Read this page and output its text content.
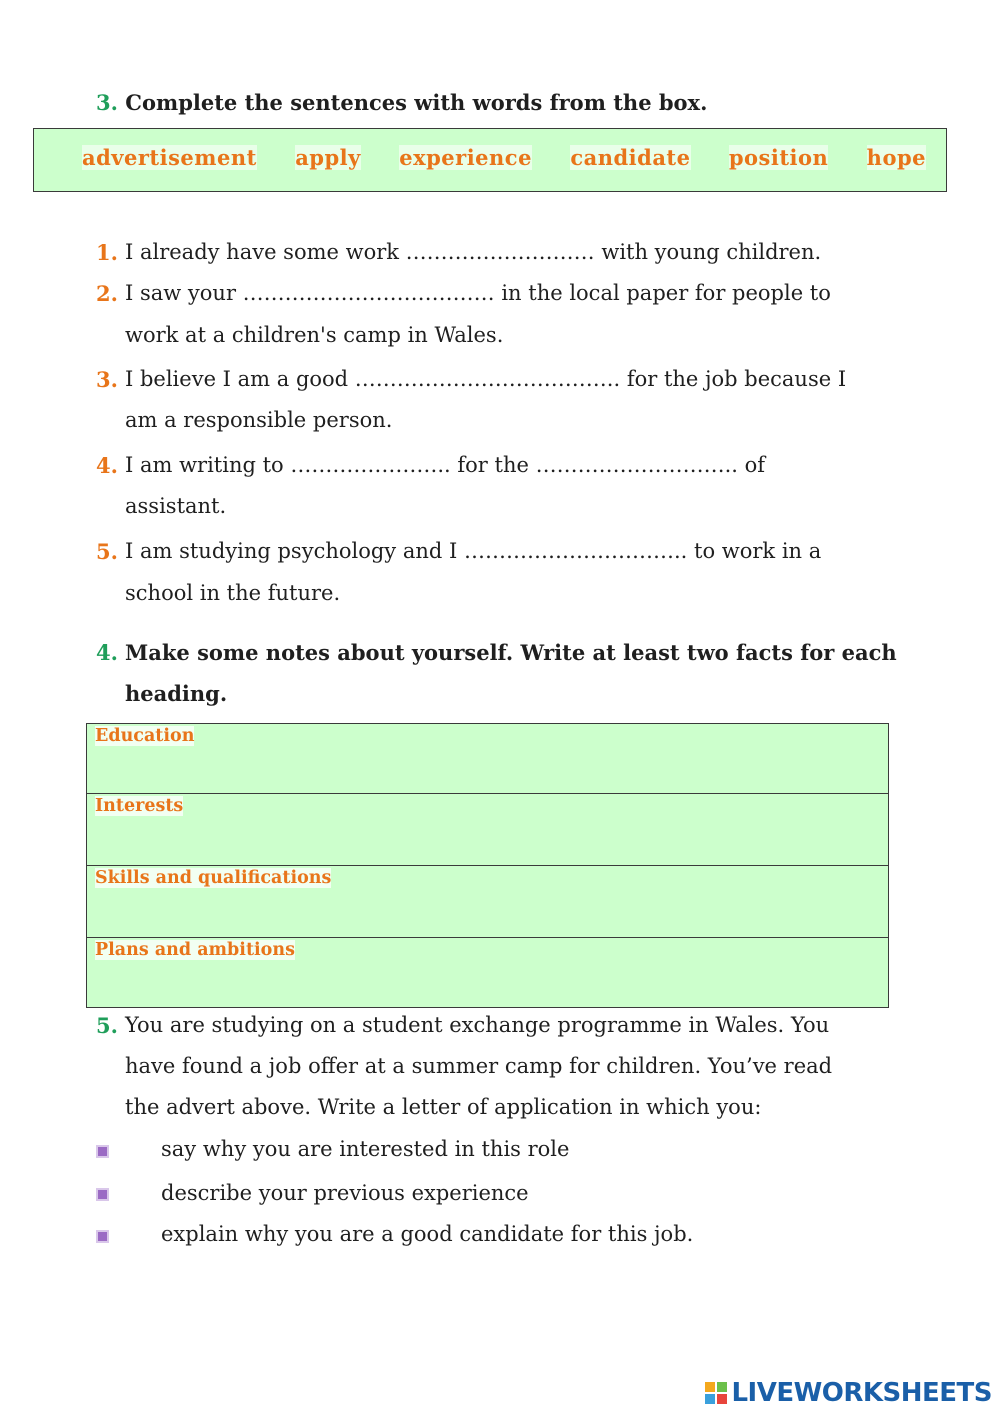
3. Complete the sentences with words from the box.
advertisement apply experience candidate position hope
1. I already have some work ……………………… with young children.
2. I saw your ……………………………… in the local paper for people to
work at a children's camp in Wales.
3. I believe I am a good ……………………………….. for the job because I
am a responsible person.
4. I am writing to ………………….. for the ……………………….. of
assistant.
5. I am studying psychology and I ………………………….. to work in a
school in the future.
4. Make some notes about yourself. Write at least two facts for each
heading.
Education
Interests
Skills and qualifications
Plans and ambitions
5. You are studying on a student exchange programme in Wales. You
have found a job offer at a summer camp for children. You’ve read
the advert above. Write a letter of application in which you:
say why you are interested in this role
describe your previous experience
explain why you are a good candidate for this job.
LIVEWORKSHEETS
